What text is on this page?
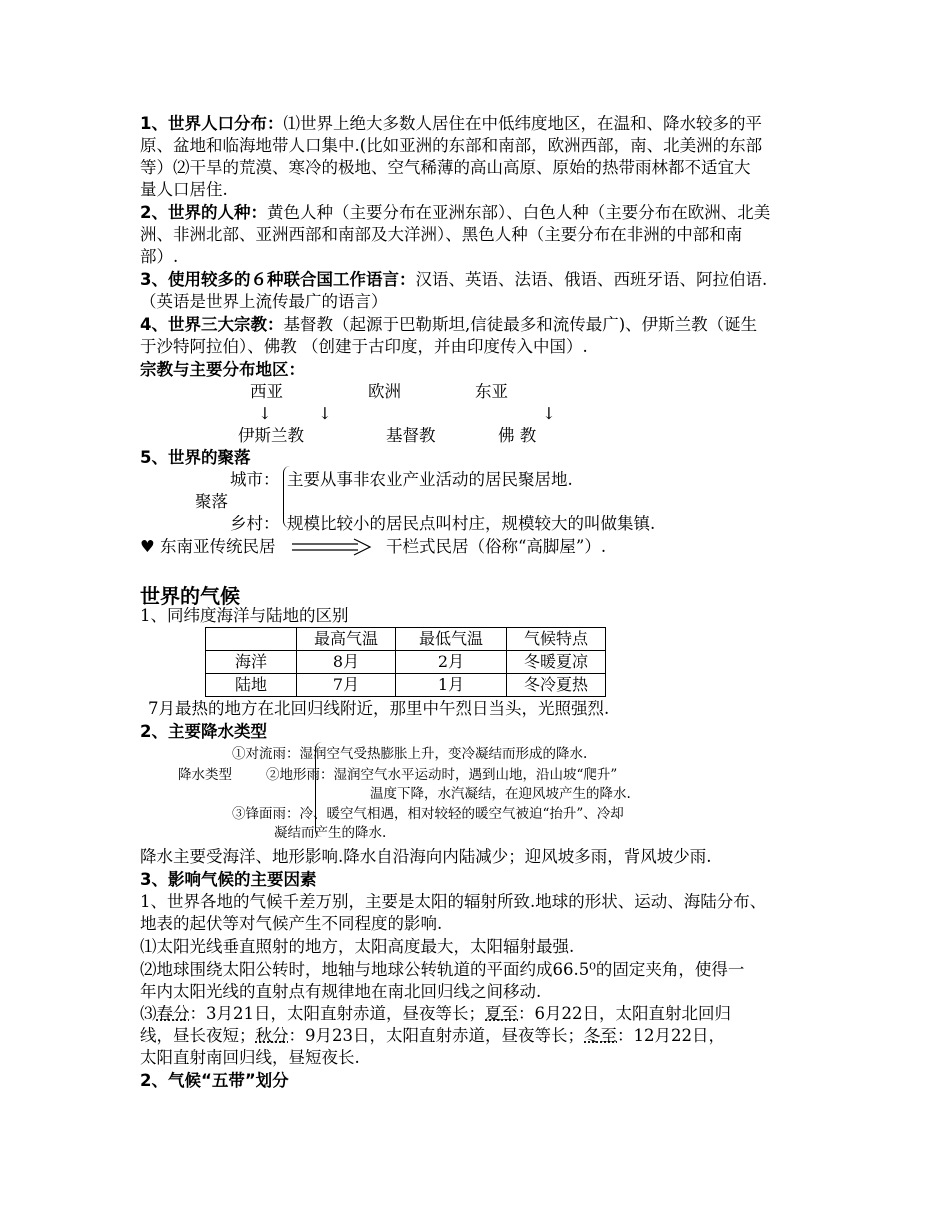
1、世界人口分布：⑴世界上绝大多数人居住在中低纬度地区，在温和、降水较多的平
原、盆地和临海地带人口集中.(比如亚洲的东部和南部，欧洲西部，南、北美洲的东部
等）⑵干旱的荒漠、寒冷的极地、空气稀薄的高山高原、原始的热带雨林都不适宜大
量人口居住.
2、世界的人种：黄色人种（主要分布在亚洲东部）、白色人种（主要分布在欧洲、北美
洲、非洲北部、亚洲西部和南部及大洋洲）、黑色人种（主要分布在非洲的中部和南
部）.
3、使用较多的６种联合国工作语言：汉语、英语、法语、俄语、西班牙语、阿拉伯语.
（英语是世界上流传最广的语言）
4、世界三大宗教：基督教（起源于巴勒斯坦,信徒最多和流传最广)、伊斯兰教（诞生
于沙特阿拉伯）、佛教 （创建于古印度，并由印度传入中国）.
宗教与主要分布地区：
西亚	欧洲	东亚
↓	↓	↓
伊斯兰教	基督教	佛 教
5、世界的聚落
城市： 主要从事非农业产业活动的居民聚居地.
聚落
乡村： 规模比较小的居民点叫村庄，规模较大的叫做集镇.
♥ 东南亚传统民居	干栏式民居（俗称“高脚屋”）.
世界的气候
1、同纬度海洋与陆地的区别
	最高气温	最低气温	气候特点
海洋	8月	2月	冬暖夏凉
陆地	7月	1月	冬冷夏热
7月最热的地方在北回归线附近，那里中午烈日当头，光照强烈.
2、主要降水类型
①对流雨：湿润空气受热膨胀上升，变冷凝结而形成的降水.
降水类型	②地形雨：湿润空气水平运动时，遇到山地，沿山坡“爬升”
温度下降，水汽凝结，在迎风坡产生的降水.
③锋面雨：冷、暖空气相遇，相对较轻的暖空气被迫“抬升”、冷却
凝结而产生的降水.
降水主要受海洋、地形影响.降水自沿海向内陆减少；迎风坡多雨，背风坡少雨.
3、影响气候的主要因素
1、世界各地的气候千差万别，主要是太阳的辐射所致.地球的形状、运动、海陆分布、
地表的起伏等对气候产生不同程度的影响.
⑴太阳光线垂直照射的地方，太阳高度最大，太阳辐射最强.
⑵地球围绕太阳公转时，地轴与地球公转轨道的平面约成66.5⁰的固定夹角，使得一
年内太阳光线的直射点有规律地在南北回归线之间移动.
⑶春分：3月21日，太阳直射赤道，昼夜等长；夏至：6月22日，太阳直射北回归
线，昼长夜短；秋分：9月23日，太阳直射赤道，昼夜等长；冬至：12月22日，
太阳直射南回归线，昼短夜长.
2、气候“五带”划分
